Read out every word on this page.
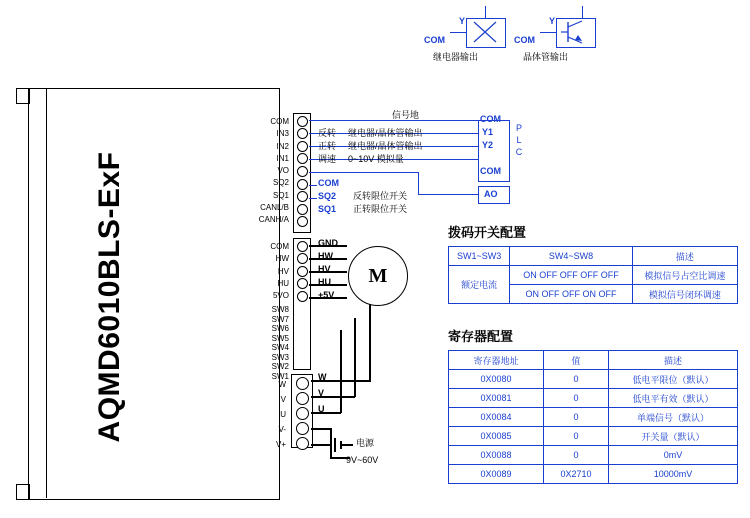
AQMD6010BLS-ExF
COM
IN3
IN2
IN1
VO
SQ2
SQ1
CANL/B
CANH/A
COM
HW
HV
HU
5VO
SW8
SW7
SW6
SW5
SW4
SW3
SW2
SW1
W
V
U
V-
V+
COM
SQ2
SQ1
反转限位开关
正转限位开关
信号地
反转 继电器/晶体管输出
正转 继电器/晶体管输出
调速 0~10V 模拟量
COM
Y1
Y2
COM
P
L
C
AO
Y
COM
继电器输出
Y
COM
晶体管输出
GND
HW
HV
HU
+5V
M
W
V
U
电源
9V~60V
拨码开关配置
SW1~SW3	SW4~SW8	描述
额定电流	ON OFF OFF OFF OFF	模拟信号占空比调速
	ON OFF OFF ON OFF	模拟信号闭环调速
寄存器配置
寄存器地址	值	描述
0X0080	0	低电平限位（默认）
0X0081	0	低电平有效（默认）
0X0084	0	单端信号（默认）
0X0085	0	开关量（默认）
0X0088	0	0mV
0X0089	0X2710	10000mV
